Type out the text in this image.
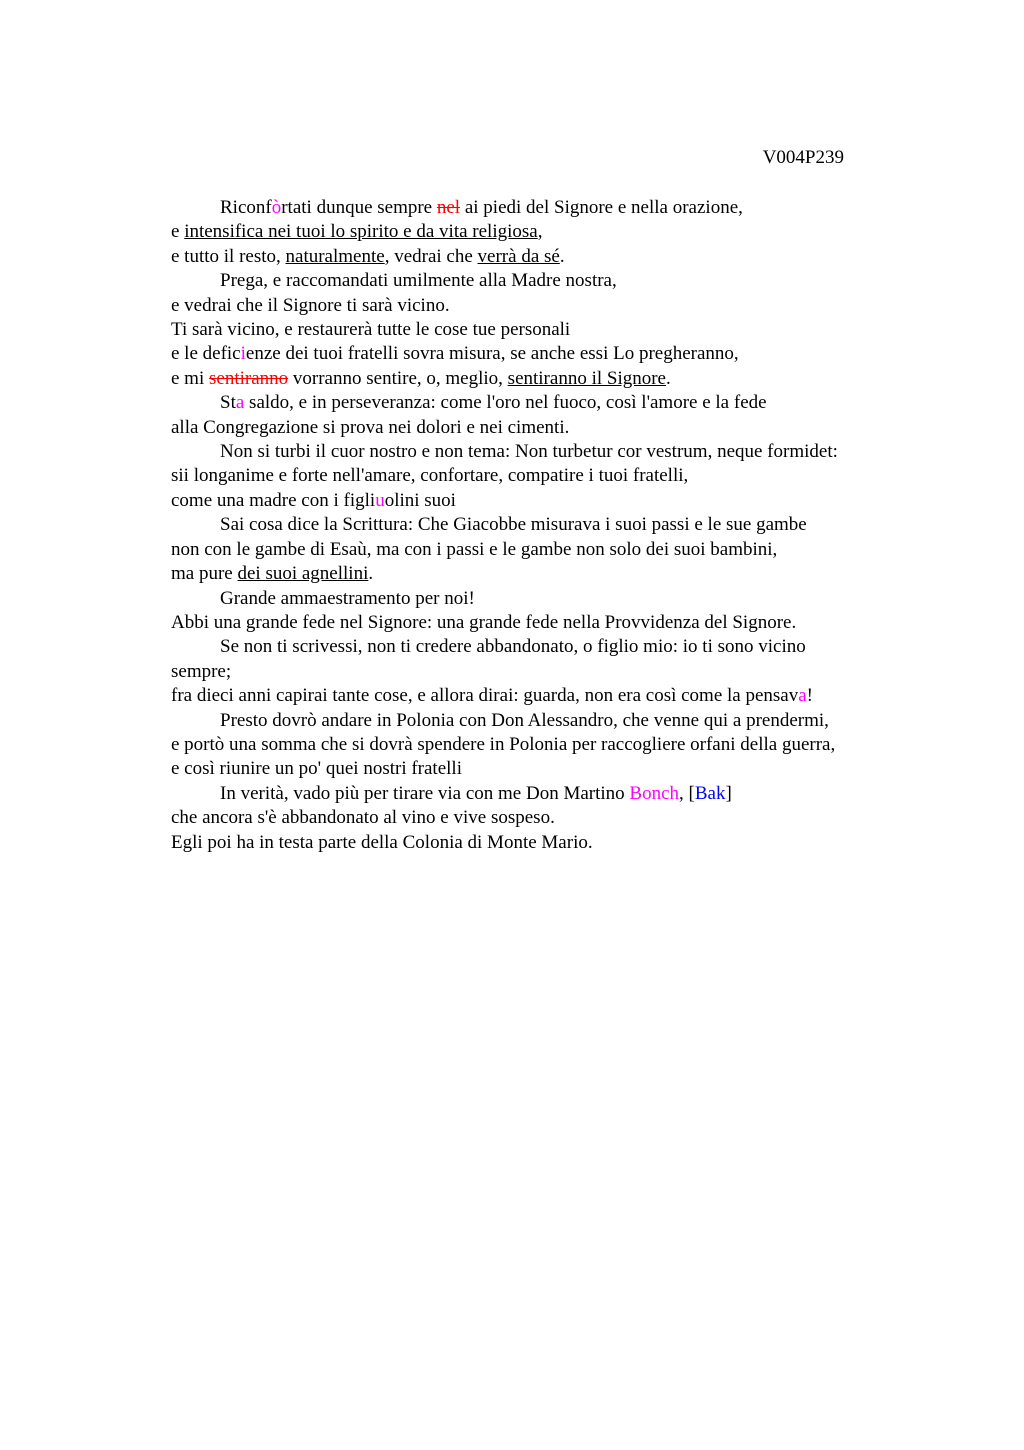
V004P239
Riconfòrtati dunque sempre nel ai piedi del Signore e nella orazione,
e intensifica nei tuoi lo spirito e da vita religiosa,
e tutto il resto, naturalmente, vedrai che verrà da sé.
Prega, e raccomandati umilmente alla Madre nostra,
e vedrai che il Signore ti sarà vicino.
Ti sarà vicino, e restaurerà tutte le cose tue personali
e le deficienze dei tuoi fratelli sovra misura, se anche essi Lo pregheranno,
e mi sentiranno vorranno sentire, o, meglio, sentiranno il Signore.
Sta saldo, e in perseveranza: come l'oro nel fuoco, così l'amore e la fede
alla Congregazione si prova nei dolori e nei cimenti.
Non si turbi il cuor nostro e non tema: Non turbetur cor vestrum, neque formidet:
sii longanime e forte nell'amare, confortare, compatire i tuoi fratelli,
come una madre con i figliuolini suoi
Sai cosa dice la Scrittura: Che Giacobbe misurava i suoi passi e le sue gambe
non con le gambe di Esaù, ma con i passi e le gambe non solo dei suoi bambini,
ma pure dei suoi agnellini.
Grande ammaestramento per noi!
Abbi una grande fede nel Signore: una grande fede nella Provvidenza del Signore.
Se non ti scrivessi, non ti credere abbandonato, o figlio mio: io ti sono vicino
sempre;
fra dieci anni capirai tante cose, e allora dirai: guarda, non era così come la pensava!
Presto dovrò andare in Polonia con Don Alessandro, che venne qui a prendermi,
e portò una somma che si dovrà spendere in Polonia per raccogliere orfani della guerra,
e così riunire un po' quei nostri fratelli
In verità, vado più per tirare via con me Don Martino Bonch, [Bak]
che ancora s'è abbandonato al vino e vive sospeso.
Egli poi ha in testa parte della Colonia di Monte Mario.
